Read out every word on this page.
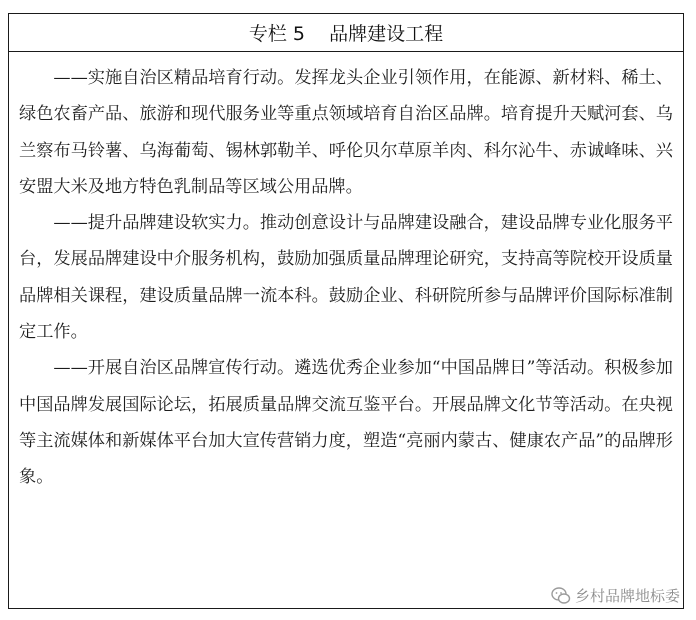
专栏 5
品牌建设工程

——实施自治区精品培育行动。发挥龙头企业引领作用，在能源、新材料、稀土、绿色农畜产品、旅游和现代服务业等重点领域培育自治区品牌。培育提升天赋河套、乌兰察布马铃薯、乌海葡萄、锡林郭勒羊、呼伦贝尔草原羊肉、科尔沁牛、赤诚峰味、兴安盟大米及地方特色乳制品等区域公用品牌。

——提升品牌建设软实力。推动创意设计与品牌建设融合，建设品牌专业化服务平台，发展品牌建设中介服务机构，鼓励加强质量品牌理论研究，支持高等院校开设质量品牌相关课程，建设质量品牌一流本科。鼓励企业、科研院所参与品牌评价国际标准制定工作。

——开展自治区品牌宣传行动。遴选优秀企业参加“中国品牌日”等活动。积极参加中国品牌发展国际论坛，拓展质量品牌交流互鉴平台。开展品牌文化节等活动。在央视等主流媒体和新媒体平台加大宣传营销力度，塑造“亮丽内蒙古、健康农产品”的品牌形象。

乡村品牌地标委
